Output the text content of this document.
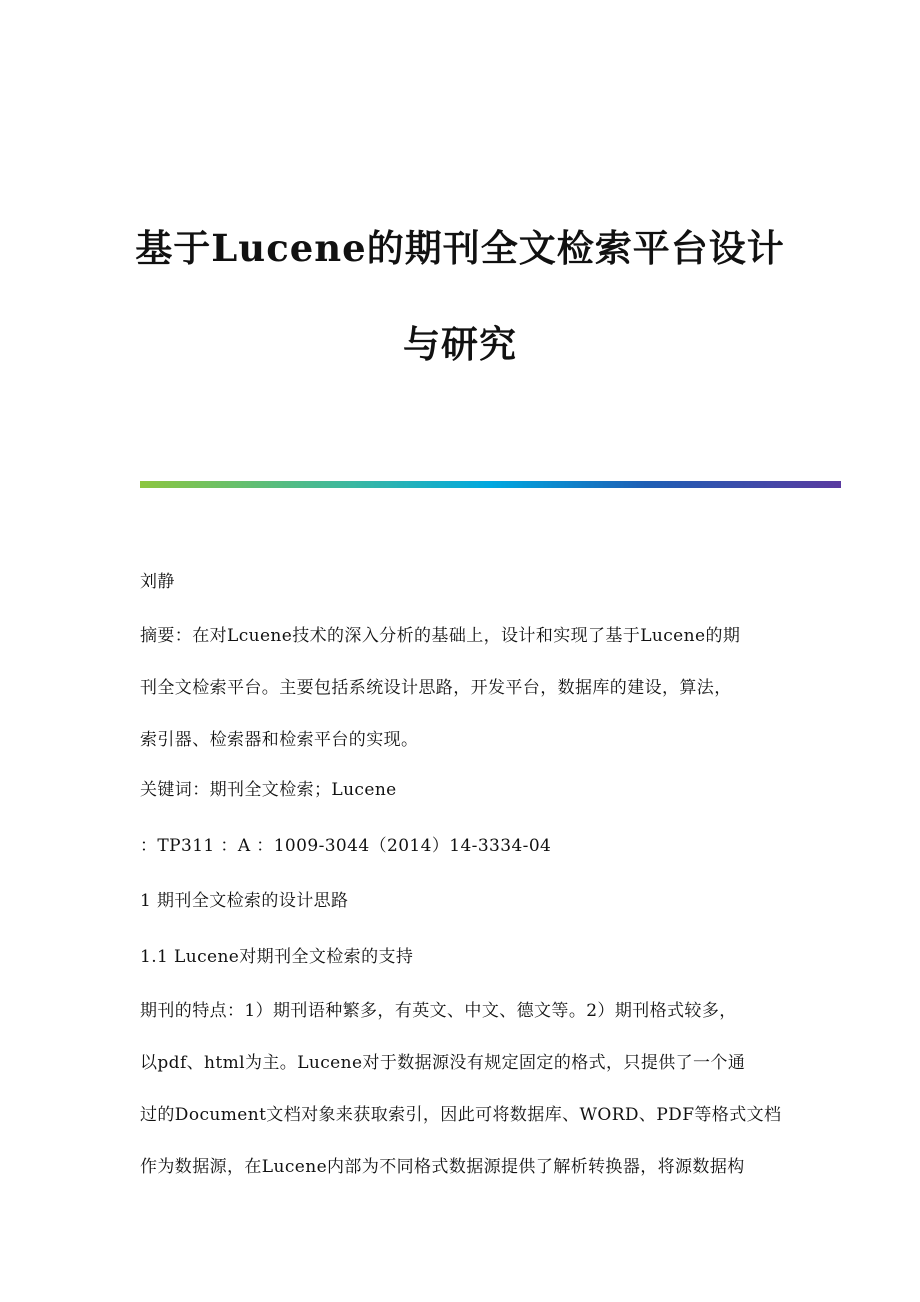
基于Lucene的期刊全文检索平台设计
与研究
刘静
摘要：在对Lcuene技术的深入分析的基础上，设计和实现了基于Lucene的期
刊全文检索平台。主要包括系统设计思路，开发平台，数据库的建设，算法，
索引器、检索器和检索平台的实现。
关键词：期刊全文检索；Lucene
：TP311 ：A ：1009-3044（2014）14-3334-04
1 期刊全文检索的设计思路
1.1 Lucene对期刊全文检索的支持
期刊的特点：1）期刊语种繁多，有英文、中文、德文等。2）期刊格式较多，
以pdf、html为主。Lucene对于数据源没有规定固定的格式，只提供了一个通
过的Document文档对象来获取索引，因此可将数据库、WORD、PDF等格式文档
作为数据源，在Lucene内部为不同格式数据源提供了解析转换器，将源数据构
